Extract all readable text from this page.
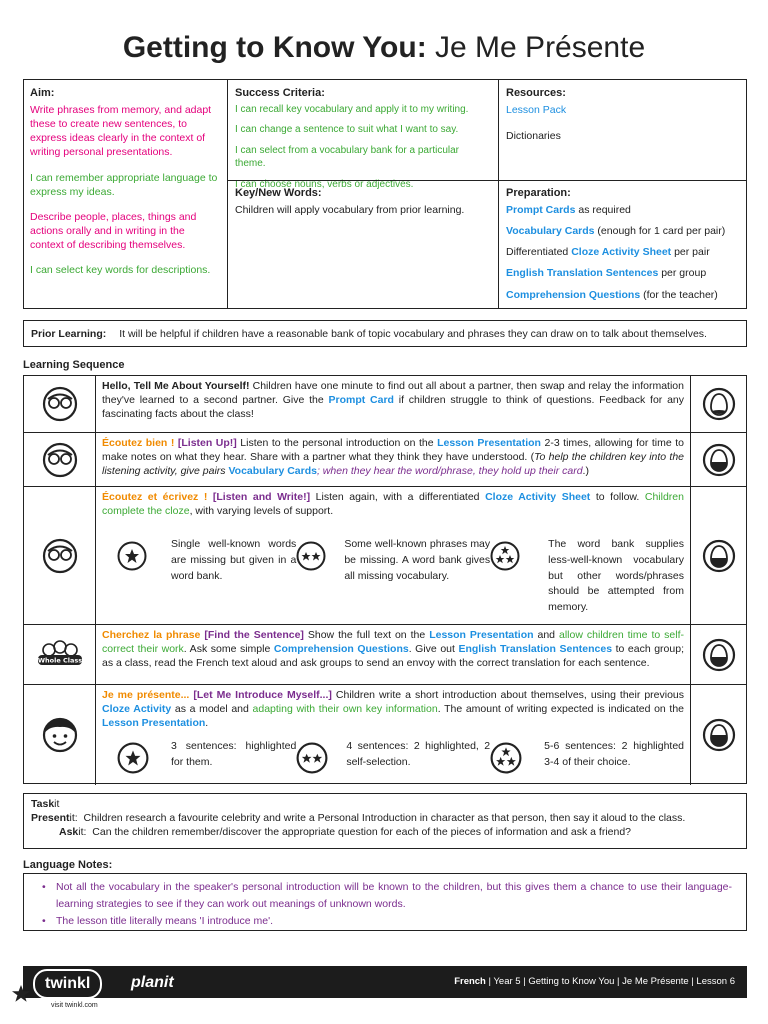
Getting to Know You: Je Me Présente
Aim:

Write phrases from memory, and adapt these to create new sentences, to express ideas clearly in the context of writing personal presentations.

I can remember appropriate language to express my ideas.

Describe people, places, things and actions orally and in writing in the context of describing themselves.

I can select key words for descriptions.

Success Criteria:

I can recall key vocabulary and apply it to my writing.

I can change a sentence to suit what I want to say.

I can select from a vocabulary bank for a particular theme.

I can choose nouns, verbs or adjectives.

Key/New Words:

Children will apply vocabulary from prior learning.

Resources:

Lesson Pack

Dictionaries

Preparation:

Prompt Cards as required

Vocabulary Cards (enough for 1 card per pair)

Differentiated Cloze Activity Sheet per pair

English Translation Sentences per group

Comprehension Questions (for the teacher)

Prior Learning: It will be helpful if children have a reasonable bank of topic vocabulary and phrases they can draw on to talk about themselves.
Learning Sequence
Hello, Tell Me About Yourself! Children have one minute to find out all about a partner, then swap and relay the information they've learned to a second partner. Give the Prompt Card if children struggle to think of questions. Feedback for any fascinating facts about the class!
Écoutez bien ! [Listen Up!] Listen to the personal introduction on the Lesson Presentation 2-3 times, allowing for time to make notes on what they hear. Share with a partner what they think they have understood. (To help the children key into the listening activity, give pairs Vocabulary Cards; when they hear the word/phrase, they hold up their card.)
Écoutez et écrivez ! [Listen and Write!] Listen again, with a differentiated Cloze Activity Sheet to follow. Children complete the cloze, with varying levels of support.
Single well-known words are missing but given in a word bank.
Some well-known phrases may be missing. A word bank gives all missing vocabulary.
The word bank supplies less-well-known vocabulary but other words/phrases should be attempted from memory.
Whole Class
Cherchez la phrase [Find the Sentence] Show the full text on the Lesson Presentation and allow children time to self-correct their work. Ask some simple Comprehension Questions. Give out English Translation Sentences to each group; as a class, read the French text aloud and ask groups to send an envoy with the correct translation for each sentence.
Je me présente... [Let Me Introduce Myself...] Children write a short introduction about themselves, using their previous Cloze Activity as a model and adapting with their own key information. The amount of writing expected is indicated on the Lesson Presentation.
3 sentences: highlighted for them.
4 sentences: 2 highlighted, 2 self-selection.
5-6 sentences: 2 highlighted 3-4 of their choice.
Taskit
Presentit: Children research a favourite celebrity and write a Personal Introduction in character as that person, then say it aloud to the class.
Askit: Can the children remember/discover the appropriate question for each of the pieces of information and ask a friend?
Language Notes:
• Not all the vocabulary in the speaker's personal introduction will be known to the children, but this gives them a chance to use their language-learning strategies to see if they can work out meanings of unknown words.
• The lesson title literally means 'I introduce me'.
twinkl	planit	French | Year 5 | Getting to Know You | Je Me Présente | Lesson 6
visit twinkl.com
